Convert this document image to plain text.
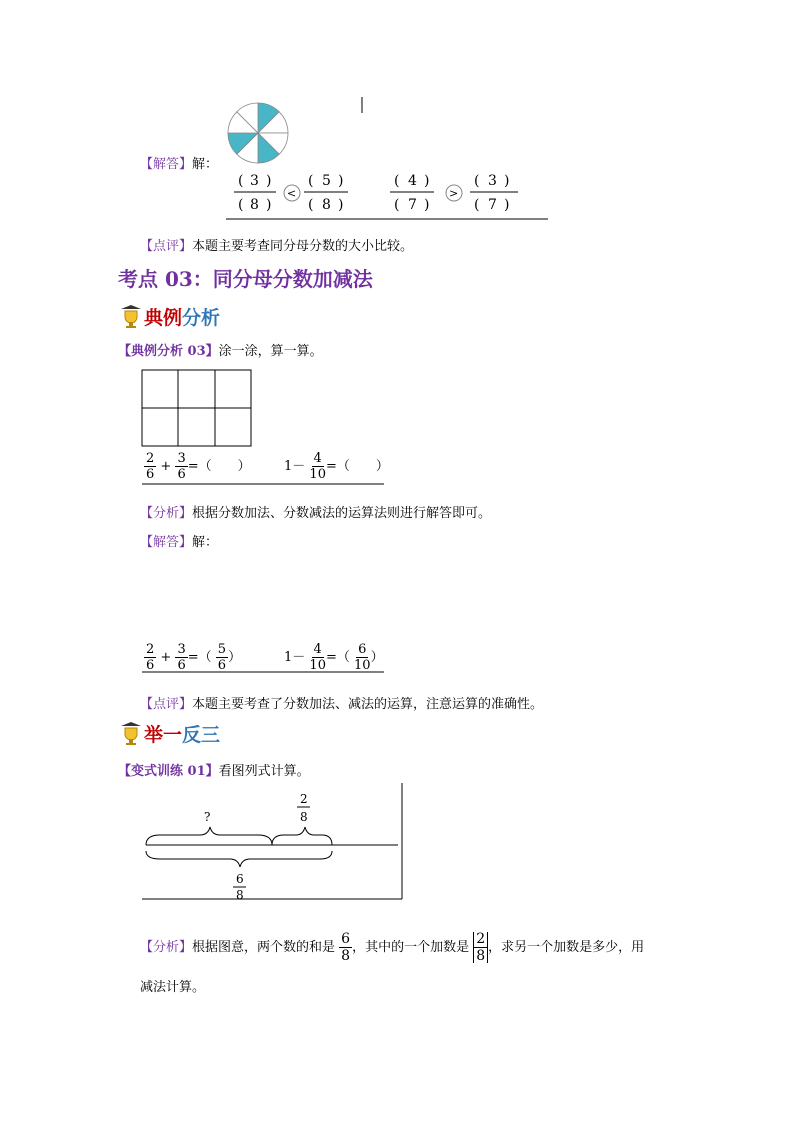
【解答】解：
( 3 )
( 8 )
<
( 5 )
( 8 )
( 4 )
( 7 )
>
( 3 )
( 7 )
【点评】本题主要考查同分母分数的大小比较。
考点 03：同分母分数加减法
典例分析
【典例分析 03】涂一涂，算一算。
$\frac{2}{6} + \frac{3}{6}$ =（　　）	$1- \frac{4}{10}$ =（　　）
【分析】根据分数加法、分数减法的运算法则进行解答即可。
【解答】解：
$\frac{2}{6} + \frac{3}{6}$ =（ $\frac{5}{6}$ ）	$1- \frac{4}{10}$ =（ $\frac{6}{10}$ ）
【点评】本题主要考查了分数加法、减法的运算，注意运算的准确性。
举一反三
【变式训练 01】看图列式计算。
?
2
8
6
8
【分析】根据图意，两个数的和是 $\frac{6}{8}$ ，其中的一个加数是 $\frac{2}{8}$ ，求另一个加数是多少，用
减法计算。
